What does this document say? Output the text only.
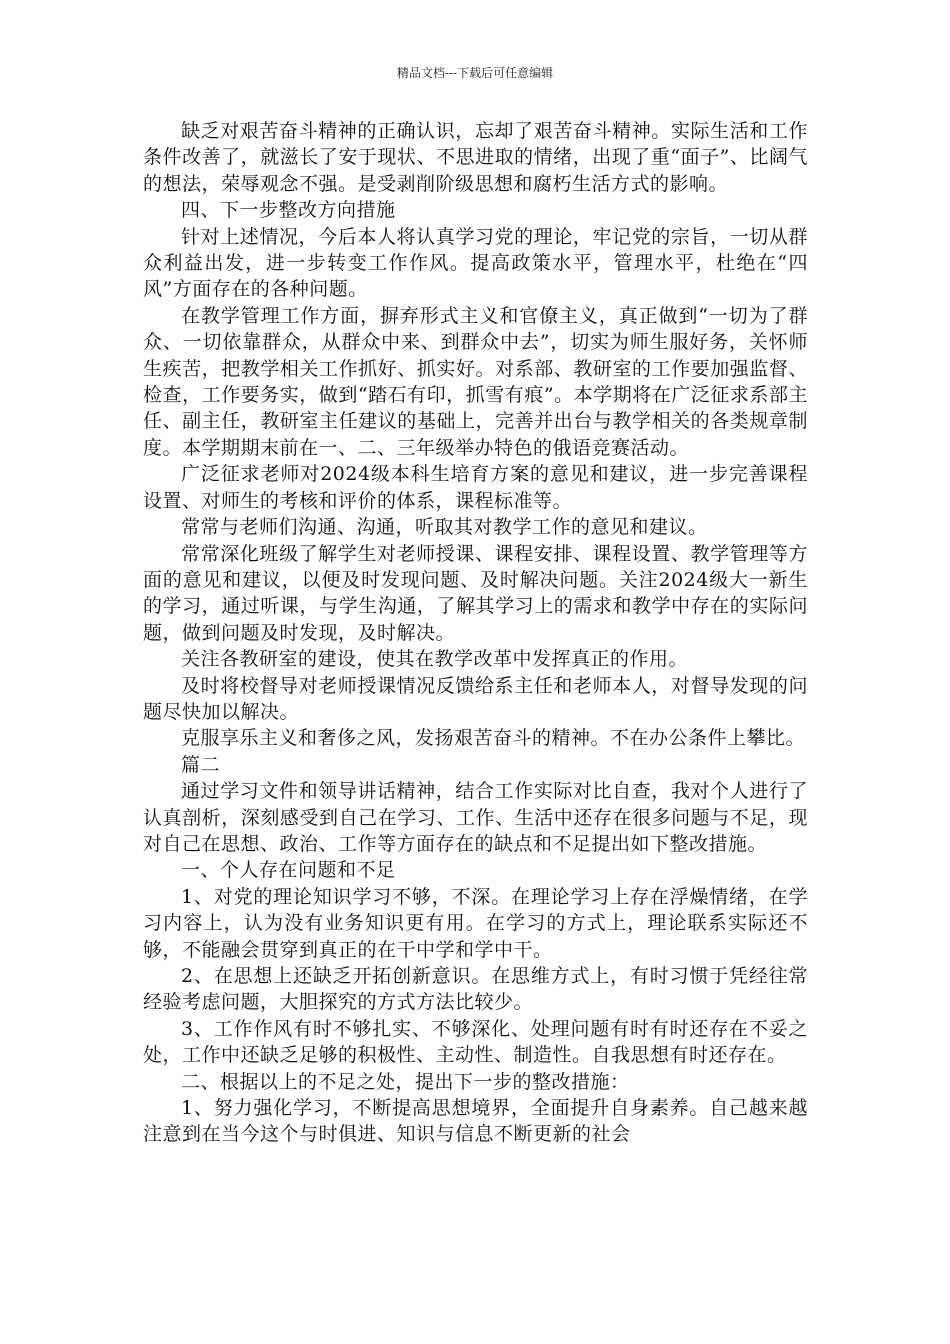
精品文档---下载后可任意编辑

缺乏对艰苦奋斗精神的正确认识，忘却了艰苦奋斗精神。实际生活和工作条件改善了，就滋长了安于现状、不思进取的情绪，出现了重“面子”、比阔气的想法，荣辱观念不强。是受剥削阶级思想和腐朽生活方式的影响。

四、下一步整改方向措施

针对上述情况，今后本人将认真学习党的理论，牢记党的宗旨，一切从群众利益出发，进一步转变工作作风。提高政策水平，管理水平，杜绝在“四风”方面存在的各种问题。

在教学管理工作方面，摒弃形式主义和官僚主义，真正做到“一切为了群众、一切依靠群众，从群众中来、到群众中去”，切实为师生服好务，关怀师生疾苦，把教学相关工作抓好、抓实好。对系部、教研室的工作要加强监督、检查，工作要务实，做到“踏石有印，抓雪有痕”。本学期将在广泛征求系部主任、副主任，教研室主任建议的基础上，完善并出台与教学相关的各类规章制度。本学期期末前在一、二、三年级举办特色的俄语竞赛活动。

广泛征求老师对2024级本科生培育方案的意见和建议，进一步完善课程设置、对师生的考核和评价的体系，课程标准等。

常常与老师们沟通、沟通，听取其对教学工作的意见和建议。

常常深化班级了解学生对老师授课、课程安排、课程设置、教学管理等方面的意见和建议，以便及时发现问题、及时解决问题。关注2024级大一新生的学习，通过听课，与学生沟通，了解其学习上的需求和教学中存在的实际问题，做到问题及时发现，及时解决。

关注各教研室的建设，使其在教学改革中发挥真正的作用。

及时将校督导对老师授课情况反馈给系主任和老师本人，对督导发现的问题尽快加以解决。

克服享乐主义和奢侈之风，发扬艰苦奋斗的精神。不在办公条件上攀比。

篇二

通过学习文件和领导讲话精神，结合工作实际对比自查，我对个人进行了认真剖析，深刻感受到自己在学习、工作、生活中还存在很多问题与不足，现对自己在思想、政治、工作等方面存在的缺点和不足提出如下整改措施。

一、个人存在问题和不足

1、对党的理论知识学习不够，不深。在理论学习上存在浮燥情绪，在学习内容上，认为没有业务知识更有用。在学习的方式上，理论联系实际还不够，不能融会贯穿到真正的在干中学和学中干。

2、在思想上还缺乏开拓创新意识。在思维方式上，有时习惯于凭经往常经验考虑问题，大胆探究的方式方法比较少。

3、工作作风有时不够扎实、不够深化、处理问题有时有时还存在不妥之处，工作中还缺乏足够的积极性、主动性、制造性。自我思想有时还存在。

二、根据以上的不足之处，提出下一步的整改措施：

1、努力强化学习，不断提高思想境界，全面提升自身素养。自己越来越注意到在当今这个与时俱进、知识与信息不断更新的社会
